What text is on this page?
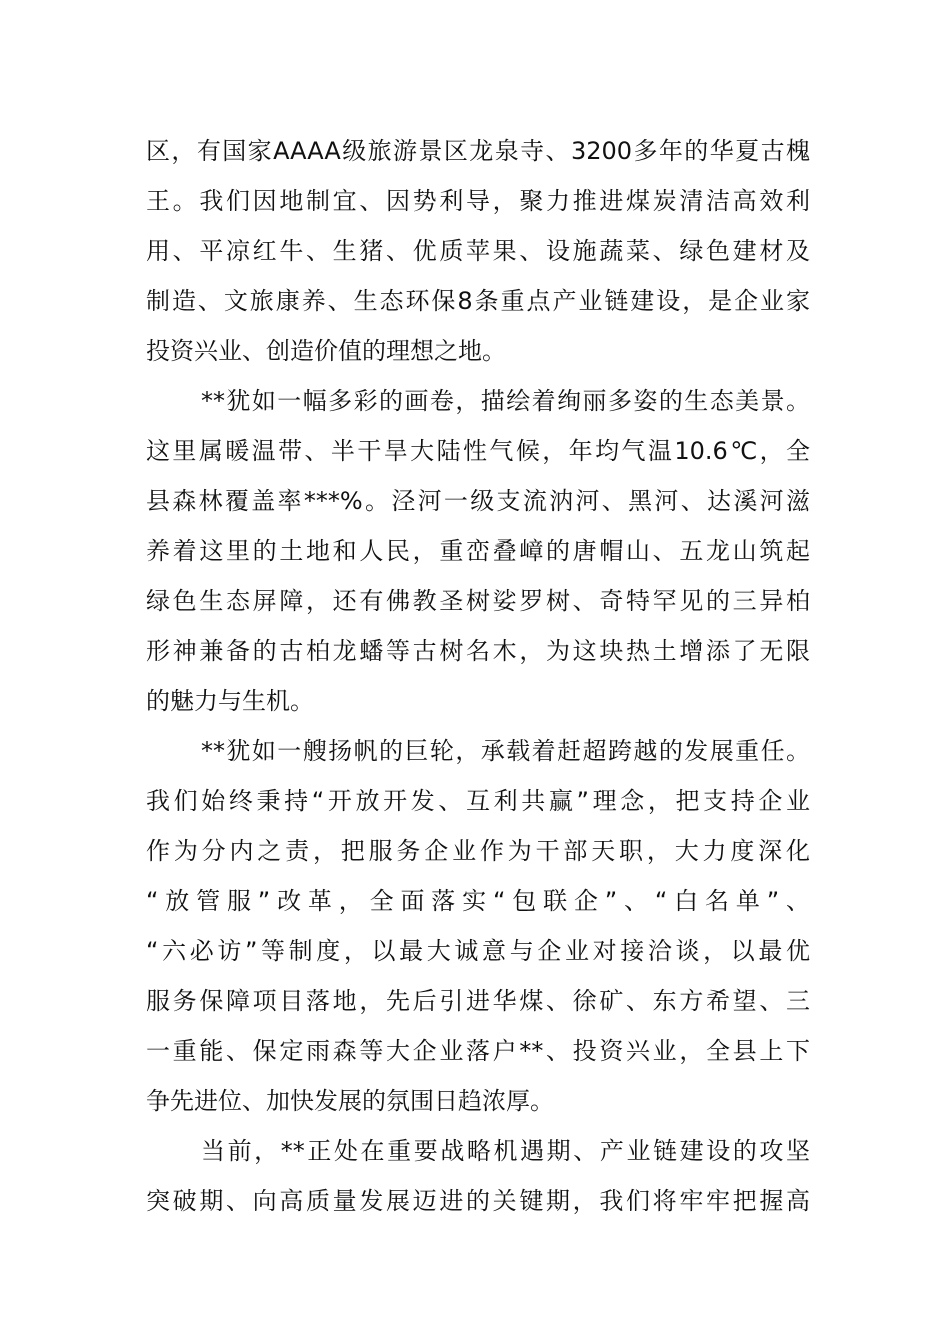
区，有国家AAAA级旅游景区龙泉寺、3200多年的华夏古槐
王。我们因地制宜、因势利导，聚力推进煤炭清洁高效利
用、平凉红牛、生猪、优质苹果、设施蔬菜、绿色建材及
制造、文旅康养、生态环保8条重点产业链建设，是企业家
投资兴业、创造价值的理想之地。
**犹如一幅多彩的画卷，描绘着绚丽多姿的生态美景。
这里属暖温带、半干旱大陆性气候，年均气温10.6℃，全
县森林覆盖率***%。泾河一级支流汭河、黑河、达溪河滋
养着这里的土地和人民，重峦叠嶂的唐帽山、五龙山筑起
绿色生态屏障，还有佛教圣树娑罗树、奇特罕见的三异柏
形神兼备的古柏龙蟠等古树名木，为这块热土增添了无限
的魅力与生机。
**犹如一艘扬帆的巨轮，承载着赶超跨越的发展重任。
我们始终秉持“开放开发、互利共赢”理念，把支持企业
作为分内之责，把服务企业作为干部天职，大力度深化
“放管服”改革，全面落实“包联企”、“白名单”、
“六必访”等制度，以最大诚意与企业对接洽谈，以最优
服务保障项目落地，先后引进华煤、徐矿、东方希望、三
一重能、保定雨森等大企业落户**、投资兴业，全县上下
争先进位、加快发展的氛围日趋浓厚。
当前，**正处在重要战略机遇期、产业链建设的攻坚
突破期、向高质量发展迈进的关键期，我们将牢牢把握高
